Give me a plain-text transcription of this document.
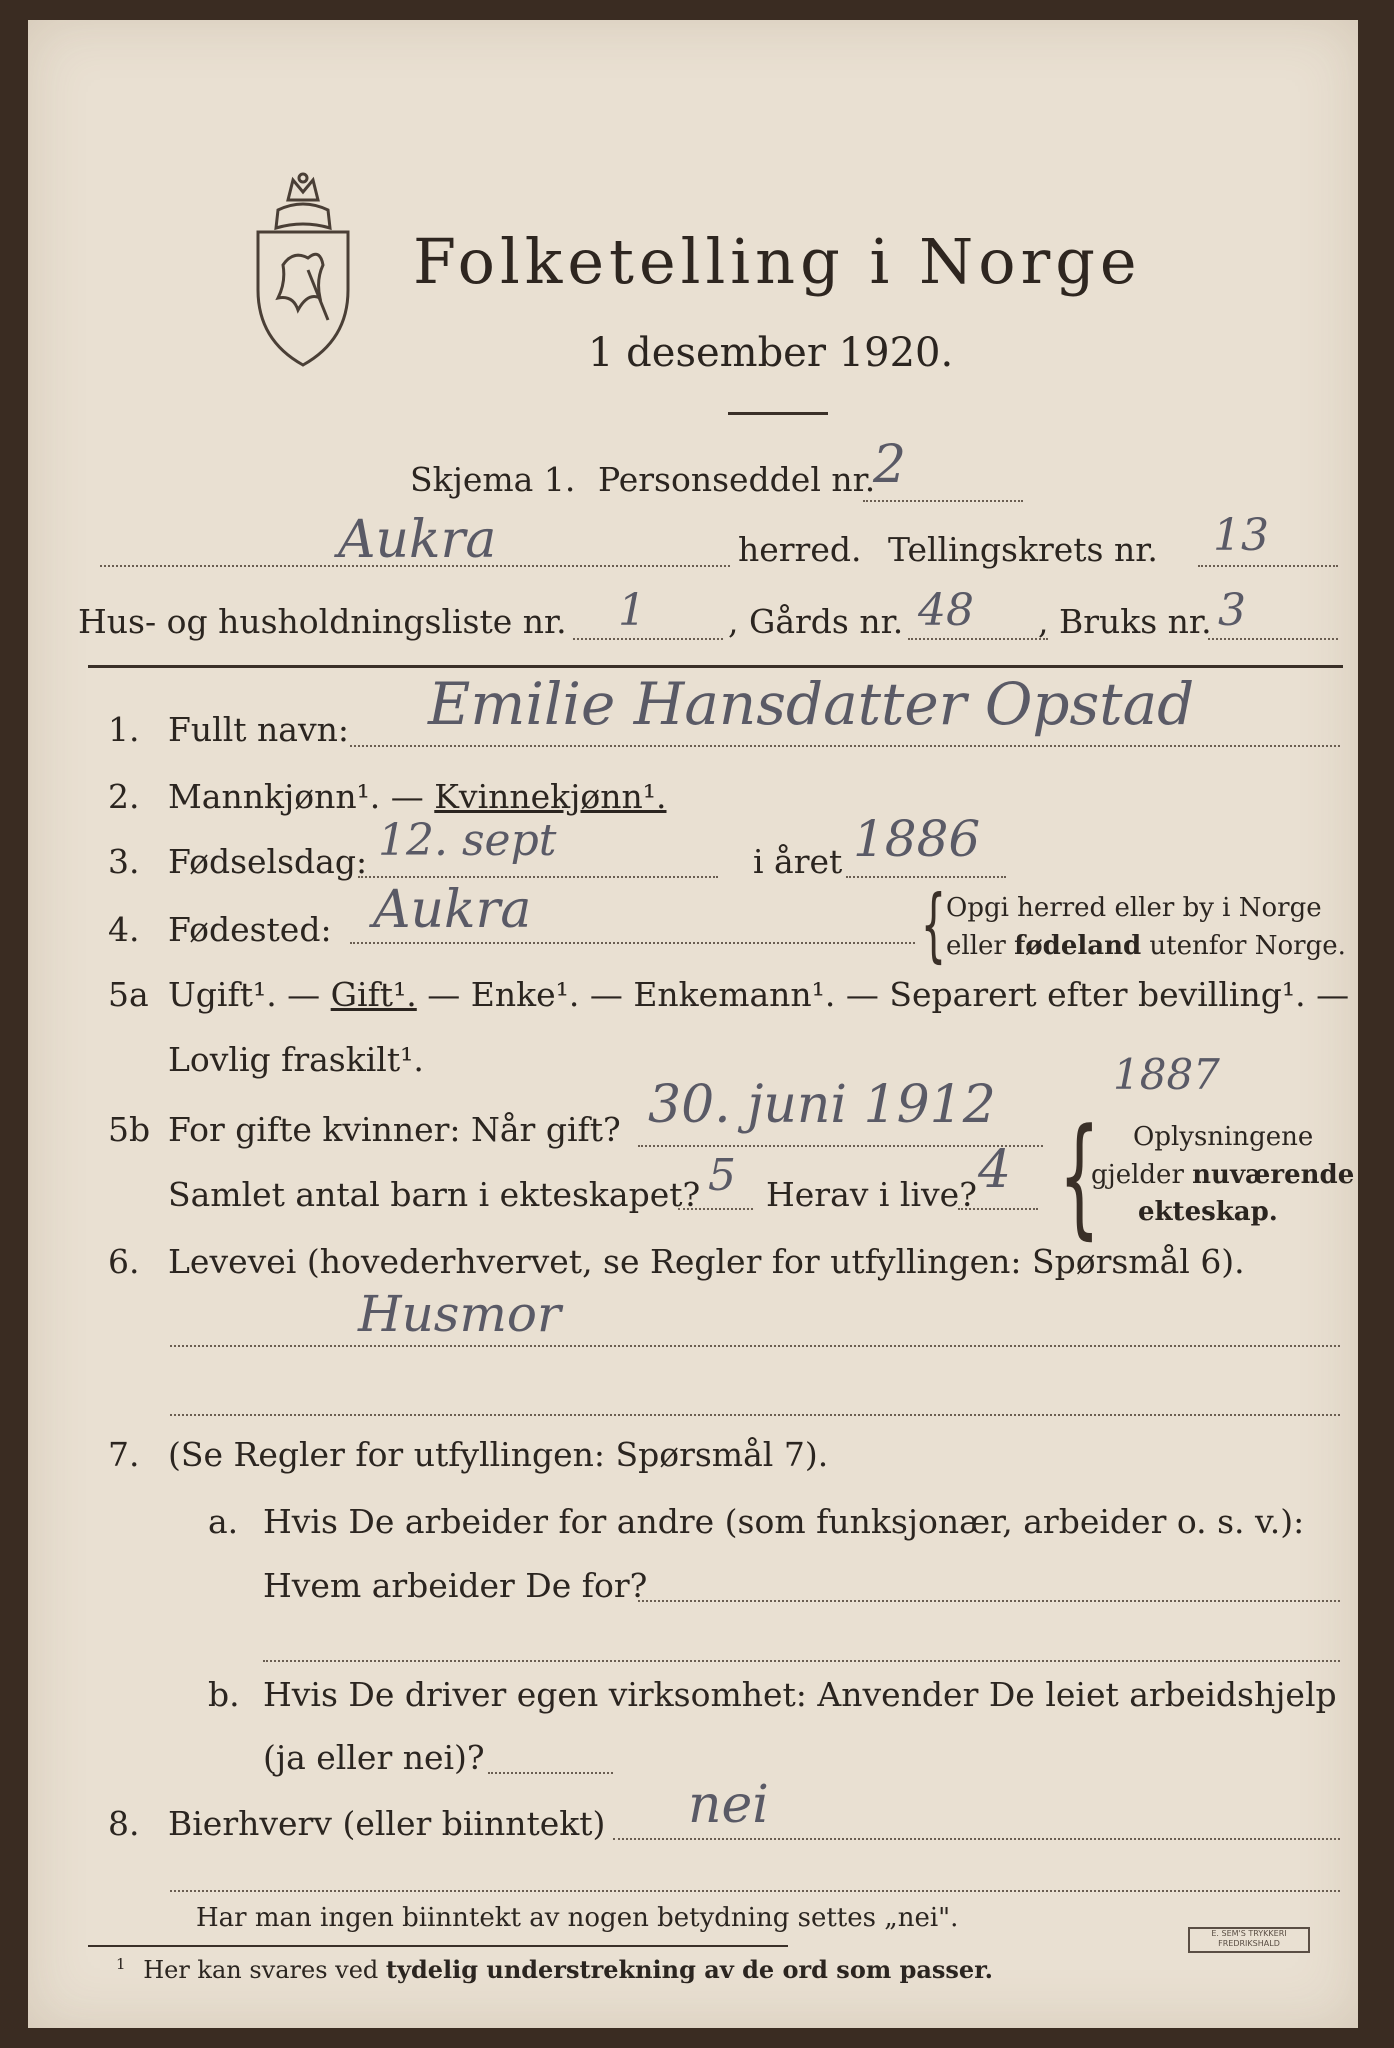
Folketelling i Norge
1 desember 1920.
Skjema 1. Personseddel nr.
2
Aukra	herred. Tellingskrets nr. 13
Hus- og husholdningsliste nr. 1 , Gårds nr. 48 , Bruks nr. 3
1. Fullt navn: Emilie Hansdatter Opstad
2. Mannkjønn¹. — Kvinnekjønn¹.
3. Fødselsdag: 12. sept	i året 1886
4. Fødested: Aukra	{ Opgi herred eller by i Norge
eller fødeland utenfor Norge.
5a Ugift¹. — Gift¹. — Enke¹. — Enkemann¹. — Separert efter bevilling¹. —
Lovlig fraskilt¹.
5b For gifte kvinner: Når gift? 30. juni 1912
1887
{ Oplysningene
gjelder nuværende
ekteskap.
Samlet antal barn i ekteskapet? 5 Herav i live? 4
6. Levevei (hovederhvervet, se Regler for utfyllingen: Spørsmål 6).
Husmor
7. (Se Regler for utfyllingen: Spørsmål 7).
a. Hvis De arbeider for andre (som funksjonær, arbeider o. s. v.):
Hvem arbeider De for?
b. Hvis De driver egen virksomhet: Anvender De leiet arbeidshjelp
(ja eller nei)?
8. Bierhverv (eller biinntekt) nei
Har man ingen biinntekt av nogen betydning settes „nei".
$^1$ Her kan svares ved tydelig understrekning av de ord som passer.
E. SEM'S TRYKKERI
FREDRIKSHALD
